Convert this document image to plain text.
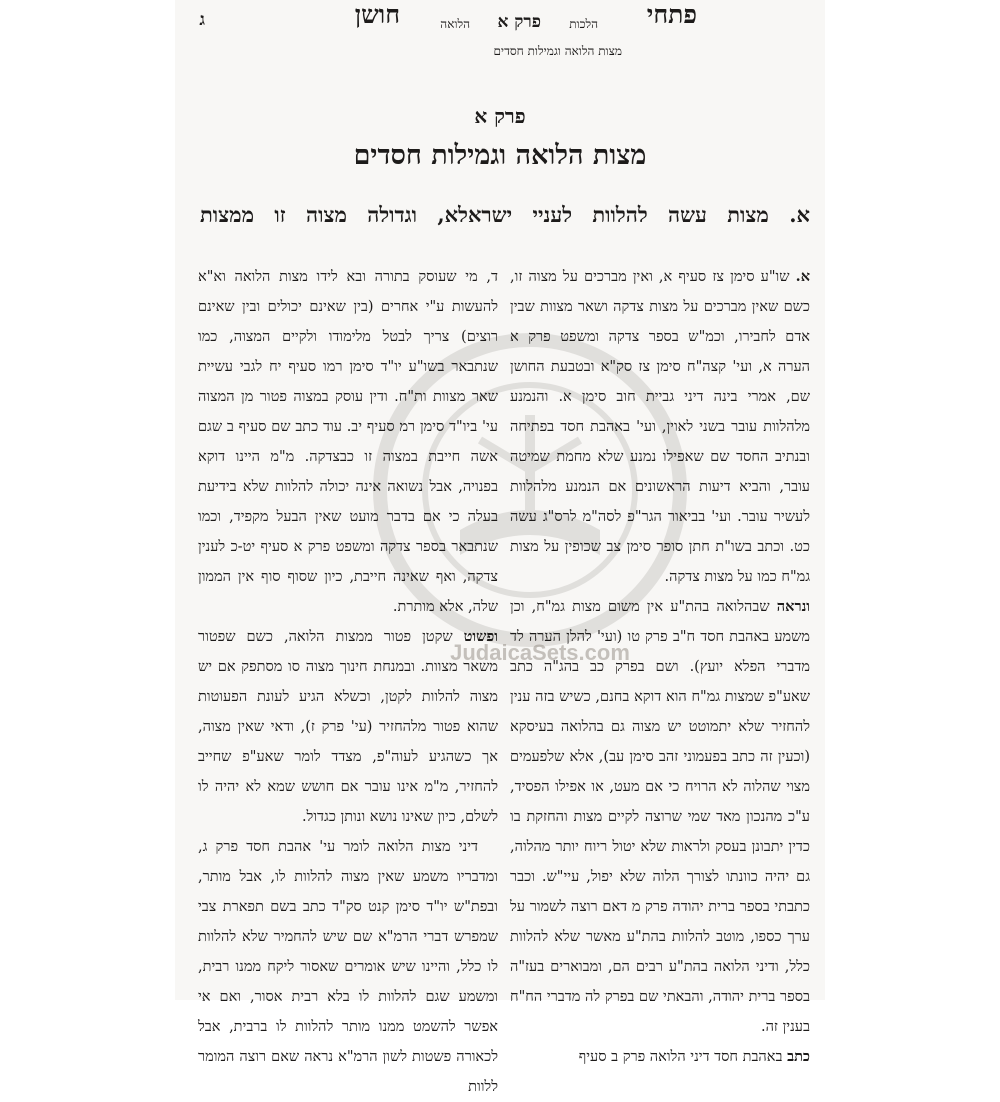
פתחי
הלכות
פרק א
הלואה
חושן
ג
מצות הלואה וגמילות חסדים
פרק א
מצות הלואה וגמילות חסדים
א. מצות עשה להלוות לעניי ישראלא, וגדולה מצוה זו ממצות
JudaicaSets.com

א. שו"ע סימן צז סעיף א, ואין מברכים על מצוה זו, כשם שאין מברכים על מצות צדקה ושאר מצוות שבין אדם לחבירו, וכמ"ש בספר צדקה ומשפט פרק א הערה א, ועי' קצה"ח סימן צז סק"א ובטבעת החושן שם, אמרי בינה דיני גביית חוב סימן א. והנמנע מלהלוות עובר בשני לאוין, ועי' באהבת חסד בפתיחה ובנתיב החסד שם שאפילו נמנע שלא מחמת שמיטה עובר, והביא דיעות הראשונים אם הנמנע מלהלוות לעשיר עובר. ועי' בביאור הגר"פ לסה"מ לרס"ג עשה כט. וכתב בשו"ת חתן סופר סימן צב שכופין על מצות גמ"ח כמו על מצות צדקה.

ונראה שבהלואה בהת"ע אין משום מצות גמ"ח, וכן משמע באהבת חסד ח"ב פרק טו (ועי' להלן הערה לד מדברי הפלא יועץ). ושם בפרק כב בהג"ה כתב שאע"פ שמצות גמ"ח הוא דוקא בחנם, כשיש בזה ענין להחזיר שלא יתמוטט יש מצוה גם בהלואה בעיסקא (וכעין זה כתב בפעמוני זהב סימן עב), אלא שלפעמים מצוי שהלוה לא הרויח כי אם מעט, או אפילו הפסיד, ע"כ מהנכון מאד שמי שרוצה לקיים מצות והחזקת בו כדין יתבונן בעסק ולראות שלא יטול ריוח יותר מהלוה, גם יהיה כוונתו לצורך הלוה שלא יפול, עיי"ש. וכבר כתבתי בספר ברית יהודה פרק מ דאם רוצה לשמור על ערך כספו, מוטב להלוות בהת"ע מאשר שלא להלוות כלל, ודיני הלואה בהת"ע רבים הם, ומבוארים בעז"ה בספר ברית יהודה, והבאתי שם בפרק לה מדברי הח"ח בענין זה.

כתב באהבת חסד דיני הלואה פרק ב סעיף

ד, מי שעוסק בתורה ובא לידו מצות הלואה וא"א להעשות ע"י אחרים (בין שאינם יכולים ובין שאינם רוצים) צריך לבטל מלימודו ולקיים המצוה, כמו שנתבאר בשו"ע יו"ד סימן רמו סעיף יח לגבי עשיית שאר מצוות ות"ח. ודין עוסק במצוה פטור מן המצוה עי' ביו"ד סימן רמ סעיף יב. עוד כתב שם סעיף ב שגם אשה חייבת במצוה זו כבצדקה. מ"מ היינו דוקא בפנויה, אבל נשואה אינה יכולה להלוות שלא בידיעת בעלה כי אם בדבר מועט שאין הבעל מקפיד, וכמו שנתבאר בספר צדקה ומשפט פרק א סעיף יט-כ לענין צדקה, ואף שאינה חייבת, כיון שסוף סוף אין הממון שלה, אלא מותרת.

ופשוט שקטן פטור ממצות הלואה, כשם שפטור משאר מצוות. ובמנחת חינוך מצוה סו מסתפק אם יש מצוה להלוות לקטן, וכשלא הגיע לעונת הפעוטות שהוא פטור מלהחזיר (עי' פרק ז), ודאי שאין מצוה, אך כשהגיע לעוה"פ, מצדד לומר שאע"פ שחייב להחזיר, מ"מ אינו עובר אם חושש שמא לא יהיה לו לשלם, כיון שאינו נושא ונותן כגדול.

דיני מצות הלואה לומר עי' אהבת חסד פרק ג, ומדבריו משמע שאין מצוה להלוות לו, אבל מותר, ובפת"ש יו"ד סימן קנט סק"ד כתב בשם תפארת צבי שמפרש דברי הרמ"א שם שיש להחמיר שלא להלוות לו כלל, והיינו שיש אומרים שאסור ליקח ממנו רבית, ומשמע שגם להלוות לו בלא רבית אסור, ואם אי אפשר להשמט ממנו מותר להלוות לו ברבית, אבל לכאורה פשטות לשון הרמ"א נראה שאם רוצה המומר ללוות
